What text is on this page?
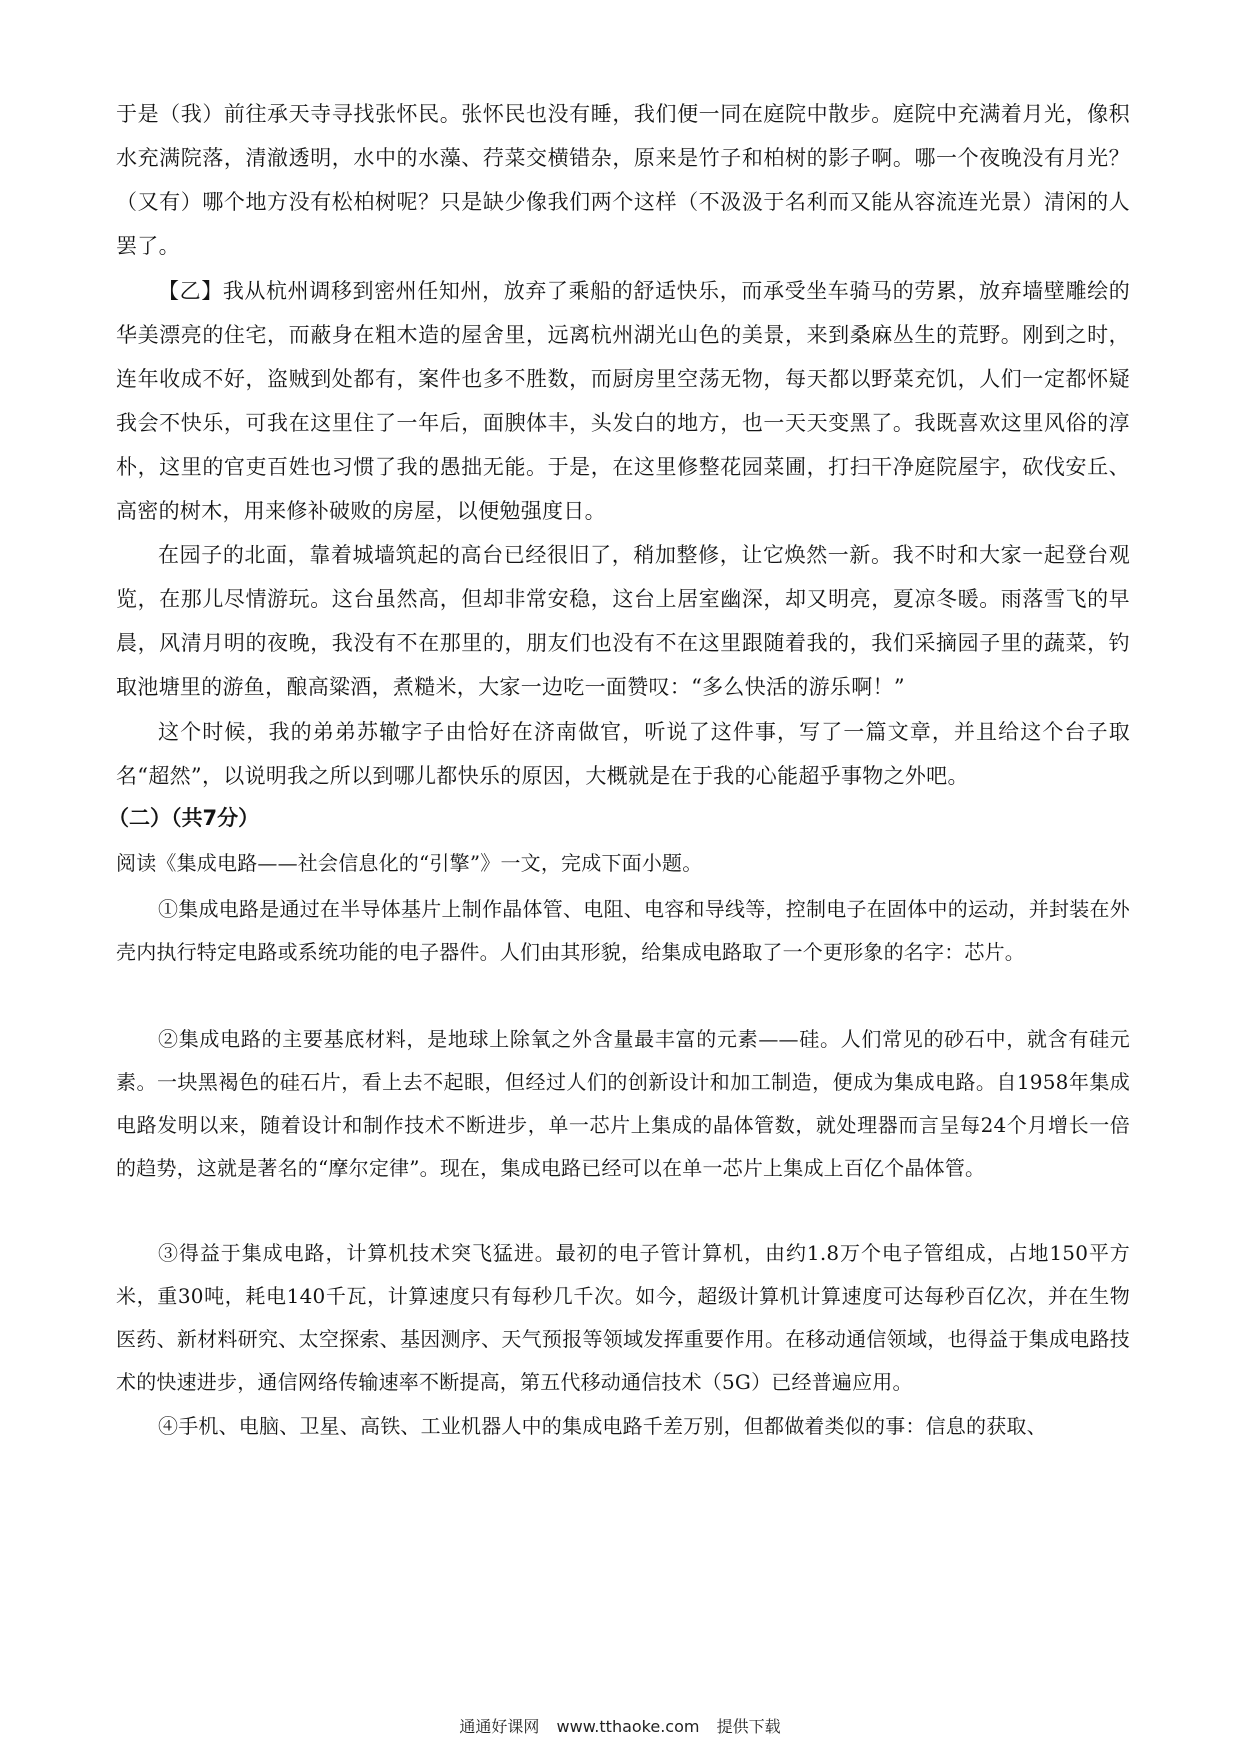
于是（我）前往承天寺寻找张怀民。张怀民也没有睡，我们便一同在庭院中散步。庭院中充满着月光，像积水充满院落，清澈透明，水中的水藻、荇菜交横错杂，原来是竹子和柏树的影子啊。哪一个夜晚没有月光？（又有）哪个地方没有松柏树呢？只是缺少像我们两个这样（不汲汲于名利而又能从容流连光景）清闲的人罢了。

【乙】我从杭州调移到密州任知州，放弃了乘船的舒适快乐，而承受坐车骑马的劳累，放弃墙壁雕绘的华美漂亮的住宅，而蔽身在粗木造的屋舍里，远离杭州湖光山色的美景，来到桑麻丛生的荒野。刚到之时，连年收成不好，盗贼到处都有，案件也多不胜数，而厨房里空荡无物，每天都以野菜充饥，人们一定都怀疑我会不快乐，可我在这里住了一年后，面腴体丰，头发白的地方，也一天天变黑了。我既喜欢这里风俗的淳朴，这里的官吏百姓也习惯了我的愚拙无能。于是，在这里修整花园菜圃，打扫干净庭院屋宇，砍伐安丘、高密的树木，用来修补破败的房屋，以便勉强度日。

在园子的北面，靠着城墙筑起的高台已经很旧了，稍加整修，让它焕然一新。我不时和大家一起登台观览，在那儿尽情游玩。这台虽然高，但却非常安稳，这台上居室幽深，却又明亮，夏凉冬暖。雨落雪飞的早晨，风清月明的夜晚，我没有不在那里的，朋友们也没有不在这里跟随着我的，我们采摘园子里的蔬菜，钓取池塘里的游鱼，酿高粱酒，煮糙米，大家一边吃一面赞叹：“多么快活的游乐啊！”

这个时候，我的弟弟苏辙字子由恰好在济南做官，听说了这件事，写了一篇文章，并且给这个台子取名“超然”，以说明我之所以到哪儿都快乐的原因，大概就是在于我的心能超乎事物之外吧。

（二）（共7分）

阅读《集成电路——社会信息化的“引擎”》一文，完成下面小题。

①集成电路是通过在半导体基片上制作晶体管、电阻、电容和导线等，控制电子在固体中的运动，并封装在外壳内执行特定电路或系统功能的电子器件。人们由其形貌，给集成电路取了一个更形象的名字：芯片。

②集成电路的主要基底材料，是地球上除氧之外含量最丰富的元素——硅。人们常见的砂石中，就含有硅元素。一块黑褐色的硅石片，看上去不起眼，但经过人们的创新设计和加工制造，便成为集成电路。自1958年集成电路发明以来，随着设计和制作技术不断进步，单一芯片上集成的晶体管数，就处理器而言呈每24个月增长一倍的趋势，这就是著名的“摩尔定律”。现在，集成电路已经可以在单一芯片上集成上百亿个晶体管。

③得益于集成电路，计算机技术突飞猛进。最初的电子管计算机，由约1.8万个电子管组成，占地150平方米，重30吨，耗电140千瓦，计算速度只有每秒几千次。如今，超级计算机计算速度可达每秒百亿次，并在生物医药、新材料研究、太空探索、基因测序、天气预报等领域发挥重要作用。在移动通信领域，也得益于集成电路技术的快速进步，通信网络传输速率不断提高，第五代移动通信技术（5G）已经普遍应用。

④手机、电脑、卫星、高铁、工业机器人中的集成电路千差万别，但都做着类似的事：信息的获取、

通通好课网 www.tthaoke.com 提供下载
